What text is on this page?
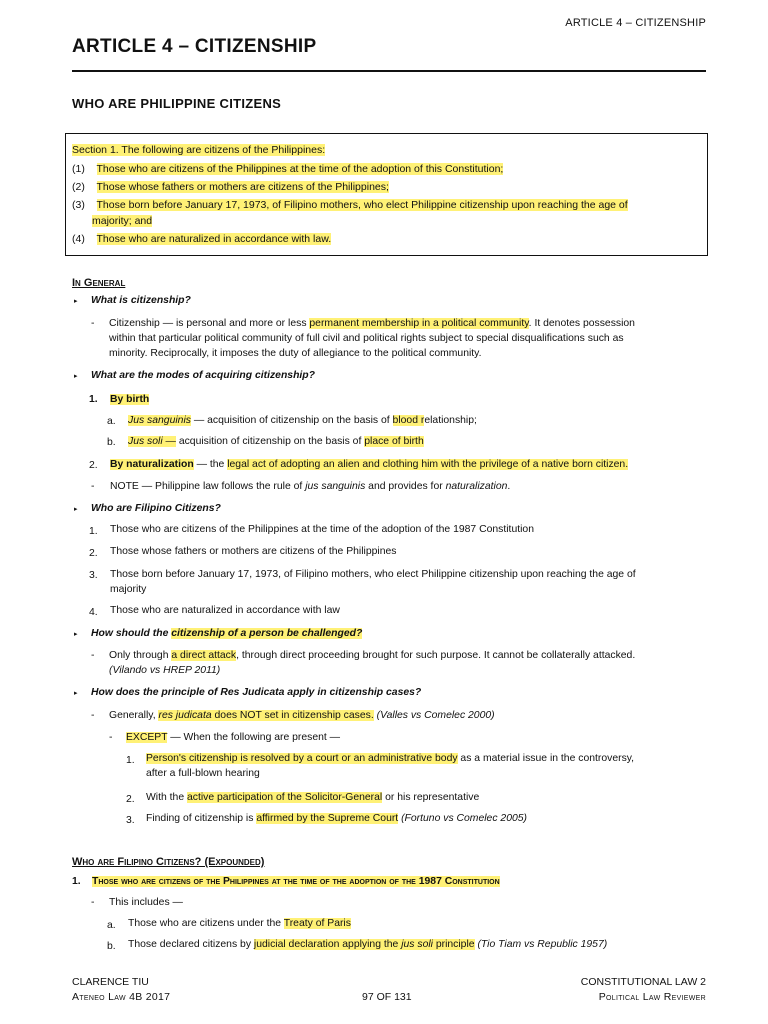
ARTICLE 4 – CITIZENSHIP
ARTICLE 4 – CITIZENSHIP
WHO ARE PHILIPPINE CITIZENS
Section 1. The following are citizens of the Philippines:
(1) Those who are citizens of the Philippines at the time of the adoption of this Constitution;
(2) Those whose fathers or mothers are citizens of the Philippines;
(3) Those born before January 17, 1973, of Filipino mothers, who elect Philippine citizenship upon reaching the age of
majority; and
(4) Those who are naturalized in accordance with law.
In General
▸ What is citizenship?
- Citizenship — is personal and more or less permanent membership in a political community. It denotes possession
within that particular political community of full civil and political rights subject to special disqualifications such as
minority. Reciprocally, it imposes the duty of allegiance to the political community.
▸ What are the modes of acquiring citizenship?
1. By birth
a. Jus sanguinis — acquisition of citizenship on the basis of blood relationship;
b. Jus soli — acquisition of citizenship on the basis of place of birth
2. By naturalization — the legal act of adopting an alien and clothing him with the privilege of a native born citizen.
- NOTE — Philippine law follows the rule of jus sanguinis and provides for naturalization.
▸ Who are Filipino Citizens?
1. Those who are citizens of the Philippines at the time of the adoption of the 1987 Constitution
2. Those whose fathers or mothers are citizens of the Philippines
3. Those born before January 17, 1973, of Filipino mothers, who elect Philippine citizenship upon reaching the age of
majority
4. Those who are naturalized in accordance with law
▸ How should the citizenship of a person be challenged?
- Only through a direct attack, through direct proceeding brought for such purpose. It cannot be collaterally attacked.
(Vilando vs HREP 2011)
▸ How does the principle of Res Judicata apply in citizenship cases?
- Generally, res judicata does NOT set in citizenship cases. (Valles vs Comelec 2000)
- EXCEPT — When the following are present —
1. Person's citizenship is resolved by a court or an administrative body as a material issue in the controversy,
after a full-blown hearing
2. With the active participation of the Solicitor-General or his representative
3. Finding of citizenship is affirmed by the Supreme Court (Fortuno vs Comelec 2005)
Who are Filipino Citizens? (Expounded)
1. Those who are citizens of the Philippines at the time of the adoption of the 1987 Constitution
- This includes —
a. Those who are citizens under the Treaty of Paris
b. Those declared citizens by judicial declaration applying the jus soli principle (Tio Tiam vs Republic 1957)
CLARENCE TIU
Ateneo Law 4B 2017	97 OF 131
CONSTITUTIONAL LAW 2
Political Law Reviewer
